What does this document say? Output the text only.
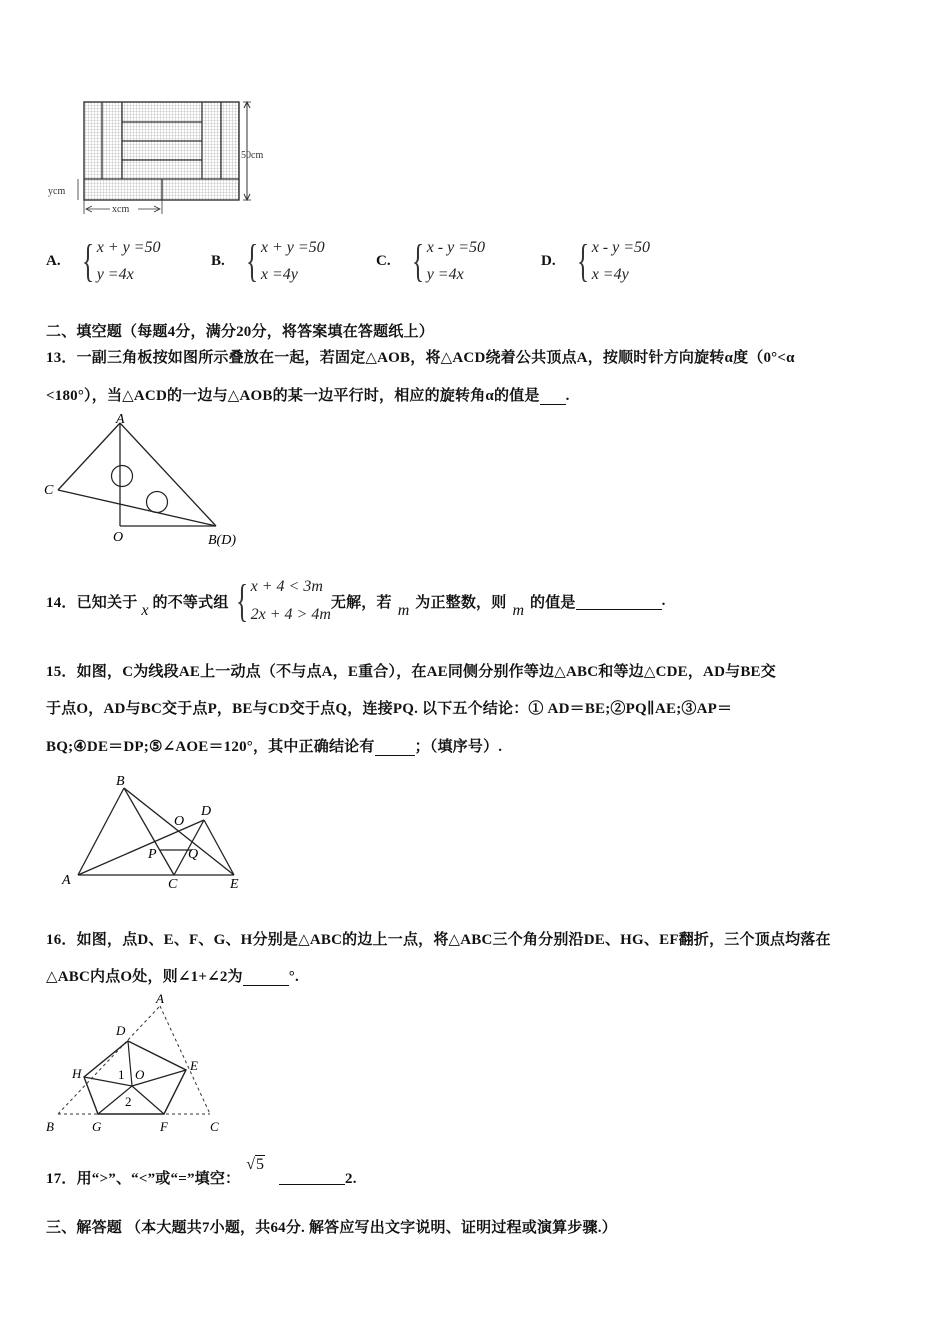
50cm
ycm
xcm
A. { x + y =50
y =4x
B. { x + y =50
x =4y
C. { x - y =50
y =4x
D. { x - y =50
x =4y
二、填空题（每题4分，满分20分，将答案填在答题纸上）
13．一副三角板按如图所示叠放在一起，若固定△AOB，将△ACD绕着公共顶点A，按顺时针方向旋转α度（0°<α
<180°），当△ACD的一边与△AOB的某一边平行时，相应的旋转角α的值是 .
A
C
O	B(D)
14．已知关于 x 的不等式组 { x + 4 < 3m
2x + 4 > 4m
无解，若 m 为正整数，则 m 的值是	.
15．如图，C为线段AE上一动点（不与点A，E重合），在AE同侧分别作等边△ABC和等边△CDE，AD与BE交
于点O，AD与BC交于点P，BE与CD交于点Q，连接PQ. 以下五个结论：① AD＝BE;②PQ∥AE;③AP＝
BQ;④DE＝DP;⑤∠AOE＝120°，其中正确结论有	；（填序号）.
B
A	C	E
D
O
P Q
16．如图，点D、E、F、G、H分别是△ABC的边上一点，将△ABC三个角分别沿DE、HG、EF翻折，三个顶点均落在
△ABC内点O处，则∠1+∠2为	°.
A
D
E
H	O
1
2
B	G	F	C
17．用“>”、“<”或“=”填空：
√ 5
2.
三、解答题 （本大题共7小题，共64分. 解答应写出文字说明、证明过程或演算步骤.）
